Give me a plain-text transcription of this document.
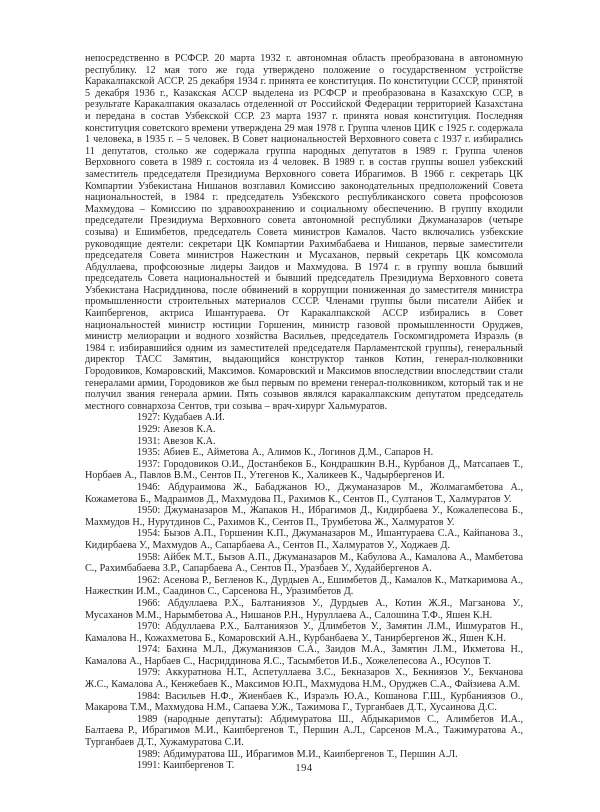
непосредственно в РСФСР. 20 марта 1932 г. автономная область преобразована в автономную республику. 12 мая того же года утверждено положение о государственном устройстве Каракалпакской АССР. 25 декабря 1934 г. принята ее конституция. По конституции СССР, принятой 5 декабря 1936 г., Казакская АССР выделена из РСФСР и преобразована в Казахскую ССР, в результате Каракалпакия оказалась отделенной от Российской Федерации территорией Казахстана и передана в состав Узбекской ССР. 23 марта 1937 г. принята новая конституция. Последняя конституция советского времени утверждена 29 мая 1978 г. Группа членов ЦИК с 1925 г. содержала 1 человека, в 1935 г. – 5 человек. В Совет национальностей Верховного совета с 1937 г. избирались 11 депутатов, столько же содержала группа народных депутатов в 1989 г. Группа членов Верховного совета в 1989 г. состояла из 4 человек. В 1989 г. в состав группы вошел узбекский заместитель председателя Президиума Верховного совета Ибрагимов. В 1966 г. секретарь ЦК Компартии Узбекистана Нишанов возглавил Комиссию законодательных предположений Совета национальностей, в 1984 г. председатель Узбекского республиканского совета профсоюзов Махмудова – Комиссию по здравоохранению и социальному обеспечению. В группу входили председатели Президиума Верховного совета автономной республики Джуманазаров (четыре созыва) и Ешимбетов, председатель Совета министров Камалов. Часто включались узбекские руководящие деятели: секретари ЦК Компартии Рахимбабаева и Нишанов, первые заместители председателя Совета министров Нажесткин и Мусаханов, первый секретарь ЦК комсомола Абдуллаева, профсоюзные лидеры Заидов и Махмудова. В 1974 г. в группу вошла бывший председатель Совета национальностей и бывший председатель Президиума Верховного совета Узбекистана Насриддинова, после обвинений в коррупции пониженная до заместителя министра промышленности строительных материалов СССР. Членами группы были писатели Айбек и Каипбергенов, актриса Ишантураева. От Каракалпакской АССР избирались в Совет национальностей министр юстиции Горшенин, министр газовой промышленности Оруджев, министр мелиорации и водного хозяйства Васильев, председатель Госкомгидромета Израэль (в 1984 г. избиравшийся одним из заместителей председателя Парламентской группы), генеральный директор ТАСС Замятин, выдающийся конструктор танков Котин, генерал-полковники Городовиков, Комаровский, Максимов. Комаровский и Максимов впоследствии впоследствии стали генералами армии, Городовиков же был первым по времени генерал-полковником, который так и не получил звания генерала армии. Пять созывов являлся каракалпакским депутатом председатель местного совнархоза Сентов, три созыва – врач-хирург Хальмуратов.

1927: Кудабаев А.И.
1929: Авезов К.А.
1931: Авезов К.А.
1935: Абиев Е., Айметова А., Алимов К., Логинов Д.М., Сапаров Н.
1937: Городовиков О.И., Достанбеков Б., Кондрашкин В.Н., Курбанов Д., Матсапаев Т., Норбаев А., Павлов В.М., Сентов П., Утегенов К., Халикеев К., Чадырбергенов И.
1946: Абдураимова Ж., Бабаджанов Ю., Джуманазаров М., Жолмагамбетова А., Кожаметова Б., Мадраимов Д., Махмудова П., Рахимов К., Сентов П., Султанов Т., Халмуратов У.
1950: Джуманазаров М., Жапаков Н., Ибрагимов Д., Кидирбаева У., Кожалепесова Б., Махмудов Н., Нурутдинов С., Рахимов К., Сентов П., Трумбетова Ж., Халмуратов У.
1954: Бызов А.П., Горшенин К.П., Джуманазаров М., Ишантураева С.А., Кайпанова З., Кидирбаева У., Махмудов А., Сапарбаева А., Сентов П., Халмуратов У., Ходжаев Д.
1958: Айбек М.Т., Бызов А.П., Джуманазаров М., Кабулова А., Камалова А., Мамбетова С., Рахимбабаева З.Р., Сапарбаева А., Сентов П., Уразбаев У., Худайбергенов А.
1962: Асенова Р., Бегленов К., Дурдыев А., Ешимбетов Д., Камалов К., Маткаримова А., Нажесткин И.М., Саадинов С., Сарсенова Н., Уразимбетов Д.
1966: Абдуллаева Р.Х., Балтаниязов У., Дурдыев А., Котин Ж.Я., Магзанова У., Мусаханов М.М., Нарымбетова А., Нишанов Р.Н., Нуруллаева А., Салошина Т.Ф., Яшен К.Н.
1970: Абдуллаева Р.Х., Балтаниязов У., Длимбетов У., Замятин Л.М., Ишмуратов Н., Камалова Н., Кожахметова Б., Комаровский А.Н., Курбанбаева У., Танирбергенов Ж., Яшен К.Н.
1974: Бахина М.Л., Джуманиязов С.А., Заидов М.А., Замятин Л.М., Икметова Н., Камалова А., Нарбаев С., Насриддинова Я.С., Тасымбетов И.Б., Хожелепесова А., Юсупов Т.
1979: Аккуратнова Н.Т., Аспетуллаева З.С., Бекназаров Х., Бекниязов У., Бекчанова Ж.С., Камалова А., Кенжебаев К., Максимов Ю.П., Махмудова Н.М., Оруджев С.А., Файзиева А.М.
1984: Васильев Н.Ф., Жиенбаев К., Израэль Ю.А., Кошанова Г.Ш., Курбаниязов О., Макарова Т.М., Махмудова Н.М., Сапаева У.Ж., Тажимова Г., Турганбаев Д.Т., Хусаинова Д.С.
1989 (народные депутаты): Абдимуратова Ш., Абдыкаримов С., Алимбетов И.А., Балтаева Р., Ибрагимов М.И., Каипбергенов Т., Першин А.Л., Сарсенов М.А., Тажимуратова А., Турганбаев Д.Т., Хужамуратова С.И.
1989: Абдимуратова Ш., Ибрагимов М.И., Каипбергенов Т., Першин А.Л.
1991: Каипбергенов Т.	194
